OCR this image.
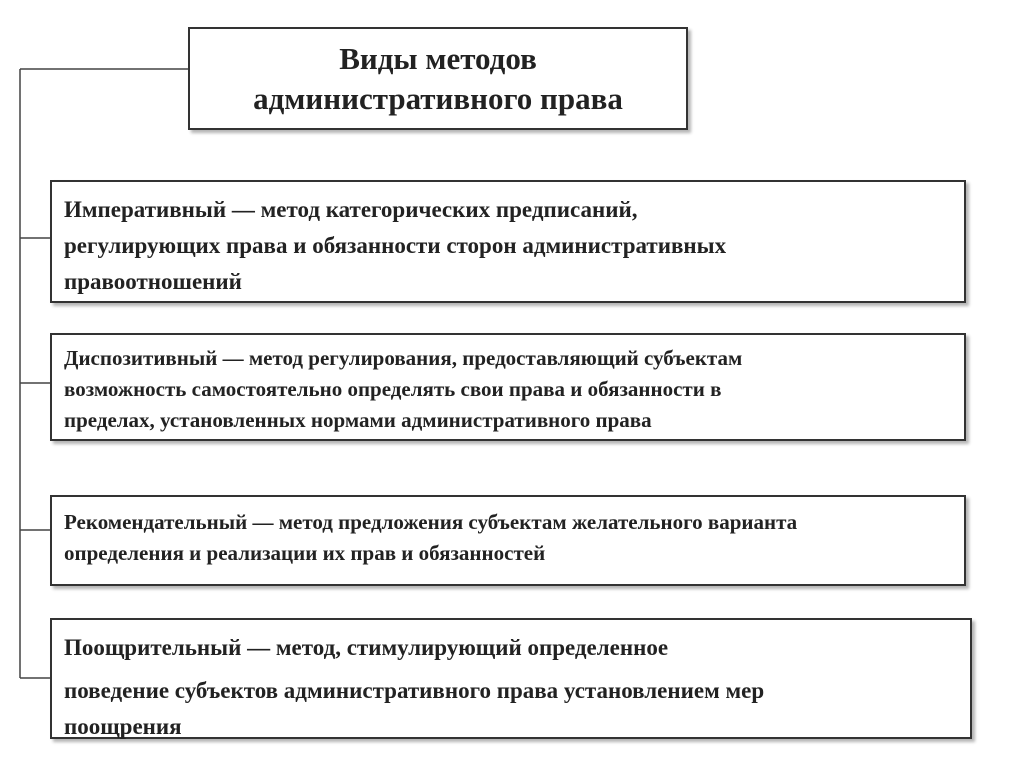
Виды методов
административного права
Императивный — метод категорических предписаний,
регулирующих права и обязанности сторон административных
правоотношений
Диспозитивный — метод регулирования, предоставляющий субъектам
возможность самостоятельно определять свои права и обязанности в
пределах, установленных нормами административного права
Рекомендательный — метод предложения субъектам желательного варианта
определения и реализации их прав и обязанностей
Поощрительный — метод, стимулирующий определенное
поведение субъектов административного права установлением мер
поощрения
